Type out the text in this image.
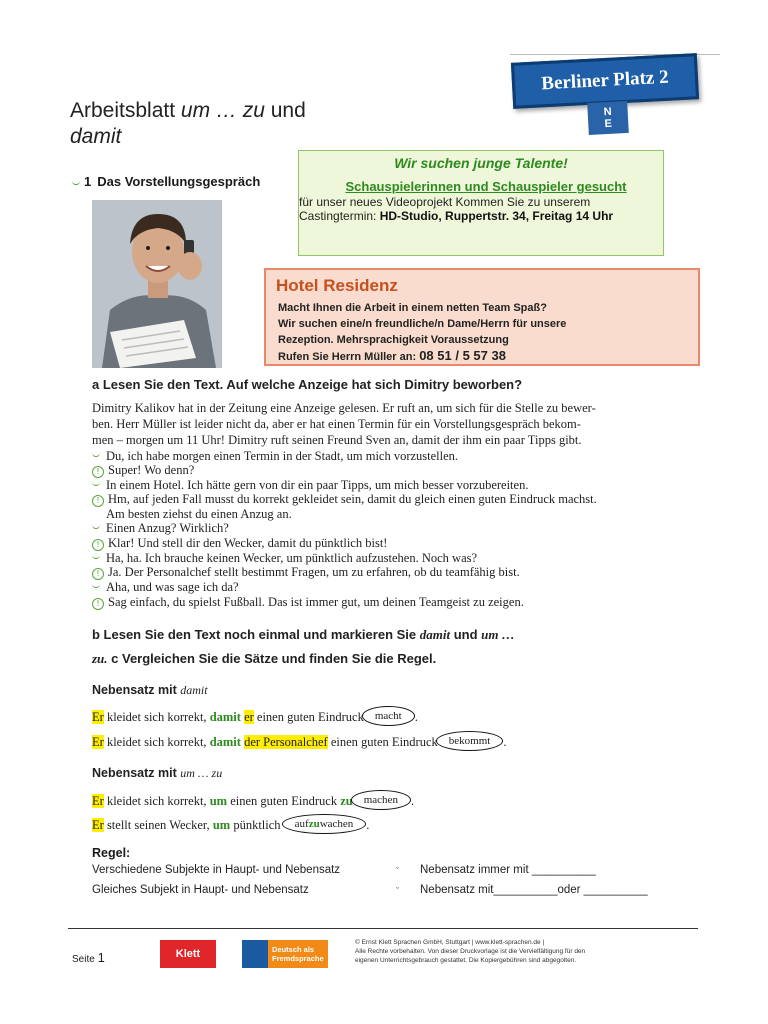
Arbeitsblatt um … zu und
damit
Berliner Platz 2
N
E
1 Das Vorstellungsgespräch
Wir suchen junge Talente!
Schauspielerinnen und Schauspieler gesucht
für unser neues Videoprojekt Kommen Sie zu unserem
Castingtermin: HD-Studio, Ruppertstr. 34, Freitag 14 Uhr
Hotel Residenz
Macht Ihnen die Arbeit in einem netten Team Spaß?
Wir suchen eine/n freundliche/n Dame/Herrn für unsere
Rezeption. Mehrsprachigkeit Voraussetzung
Rufen Sie Herrn Müller an: 08 51 / 5 57 38
a Lesen Sie den Text. Auf welche Anzeige hat sich Dimitry beworben?
Dimitry Kalikov hat in der Zeitung eine Anzeige gelesen. Er ruft an, um sich für die Stelle zu bewer-
ben. Herr Müller ist leider nicht da, aber er hat einen Termin für ein Vorstellungsgespräch bekom-
men – morgen um 11 Uhr! Dimitry ruft seinen Freund Sven an, damit der ihm ein paar Tipps gibt.
Du, ich habe morgen einen Termin in der Stadt, um mich vorzustellen.
! Super! Wo denn?
In einem Hotel. Ich hätte gern von dir ein paar Tipps, um mich besser vorzubereiten.
! Hm, auf jeden Fall musst du korrekt gekleidet sein, damit du gleich einen guten Eindruck machst.
Am besten ziehst du einen Anzug an.
Einen Anzug? Wirklich?
! Klar! Und stell dir den Wecker, damit du pünktlich bist!
Ha, ha. Ich brauche keinen Wecker, um pünktlich aufzustehen. Noch was?
! Ja. Der Personalchef stellt bestimmt Fragen, um zu erfahren, ob du teamfähig bist.
Aha, und was sage ich da?
! Sag einfach, du spielst Fußball. Das ist immer gut, um deinen Teamgeist zu zeigen.
b Lesen Sie den Text noch einmal und markieren Sie damit und um …
zu. c Vergleichen Sie die Sätze und finden Sie die Regel.
Nebensatz mit damit
Er kleidet sich korrekt, damit er einen guten Eindruck macht .
Er kleidet sich korrekt, damit der Personalchef einen guten Eindruck bekommt .
Nebensatz mit um … zu
Er kleidet sich korrekt, um einen guten Eindruck zu machen .
Er stellt seinen Wecker, um pünktlich aufzuwachen .
Regel:
Verschiedene Subjekte in Haupt- und Nebensatz	ˇ Nebensatz immer mit __________
Gleiches Subjekt in Haupt- und Nebensatz	ˇ Nebensatz mit__________oder __________
Seite 1	Klett	Deutsch als
Fremdsprache
© Ernst Klett Sprachen GmbH, Stuttgart | www.klett-sprachen.de |
Alle Rechte vorbehalten. Von dieser Druckvorlage ist die Vervielfältigung für den
eigenen Unterrichtsgebrauch gestattet. Die Kopiergebühren sind abgegolten.
